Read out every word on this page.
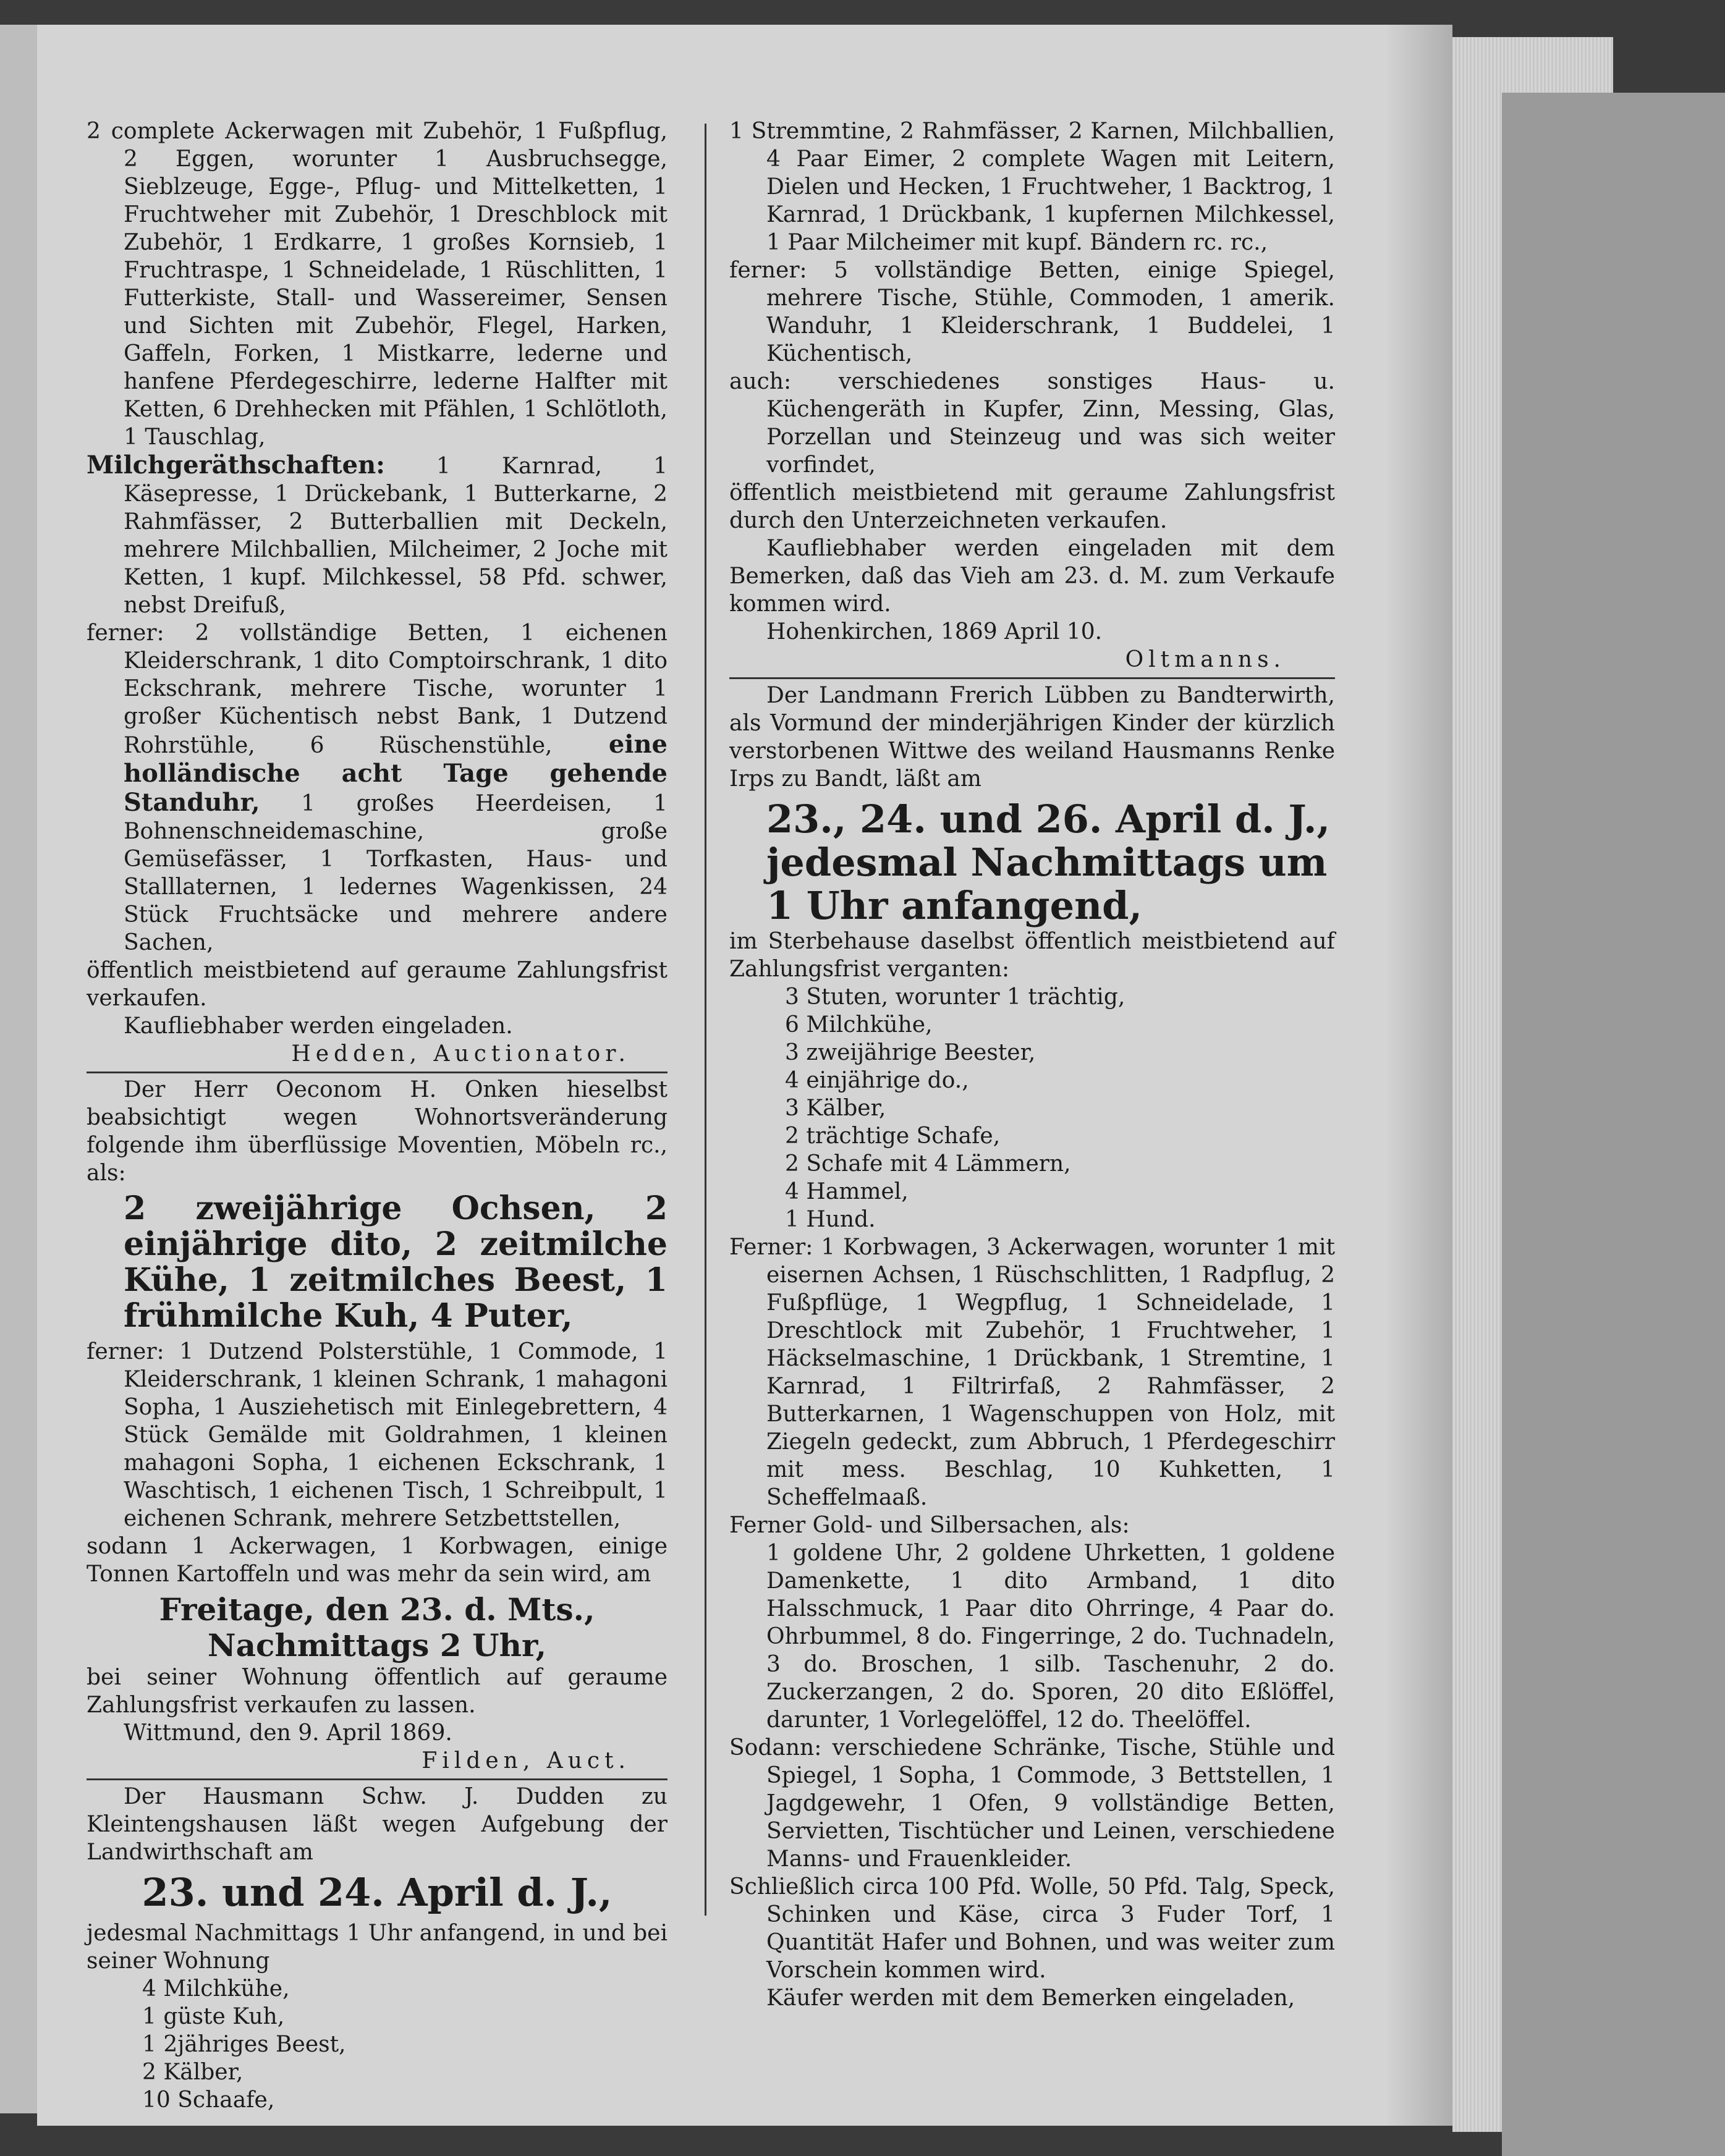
2 complete Ackerwagen mit Zubehör, 1 Fußpflug, 2 Eggen, worunter 1 Ausbruchsegge, Sieblzeuge, Egge-, Pflug- und Mittelketten, 1 Fruchtweher mit Zubehör, 1 Dreschblock mit Zubehör, 1 Erdkarre, 1 großes Kornsieb, 1 Fruchtraspe, 1 Schneidelade, 1 Rüschlitten, 1 Futterkiste, Stall- und Wassereimer, Sensen und Sichten mit Zubehör, Flegel, Harken, Gaffeln, Forken, 1 Mistkarre, lederne und hanfene Pferdegeschirre, lederne Halfter mit Ketten, 6 Drehhecken mit Pfählen, 1 Schlötloth, 1 Tauschlag,

Milchgeräthschaften: 1 Karnrad, 1 Käsepresse, 1 Drückebank, 1 Butterkarne, 2 Rahmfässer, 2 Butterballien mit Deckeln, mehrere Milchballien, Milcheimer, 2 Joche mit Ketten, 1 kupf. Milchkessel, 58 Pfd. schwer, nebst Dreifuß,

ferner: 2 vollständige Betten, 1 eichenen Kleiderschrank, 1 dito Comptoirschrank, 1 dito Eckschrank, mehrere Tische, worunter 1 großer Küchentisch nebst Bank, 1 Dutzend Rohrstühle, 6 Rüschenstühle, eine holländische acht Tage gehende Standuhr, 1 großes Heerdeisen, 1 Bohnenschneidemaschine, große Gemüsefässer, 1 Torfkasten, Haus- und Stalllaternen, 1 ledernes Wagenkissen, 24 Stück Fruchtsäcke und mehrere andere Sachen,

öffentlich meistbietend auf geraume Zahlungsfrist verkaufen.

Kaufliebhaber werden eingeladen.

Hedden, Auctionator.

Der Herr Oeconom H. Onken hieselbst beabsichtigt wegen Wohnortsveränderung folgende ihm überflüssige Moventien, Möbeln rc., als:

2 zweijährige Ochsen, 2 einjährige dito, 2 zeitmilche Kühe, 1 zeitmilches Beest, 1 frühmilche Kuh, 4 Puter,

ferner: 1 Dutzend Polsterstühle, 1 Commode, 1 Kleiderschrank, 1 kleinen Schrank, 1 mahagoni Sopha, 1 Ausziehetisch mit Einlegebrettern, 4 Stück Gemälde mit Goldrahmen, 1 kleinen mahagoni Sopha, 1 eichenen Eckschrank, 1 Waschtisch, 1 eichenen Tisch, 1 Schreibpult, 1 eichenen Schrank, mehrere Setzbettstellen,

sodann 1 Ackerwagen, 1 Korbwagen, einige Tonnen Kartoffeln und was mehr da sein wird, am

Freitage, den 23. d. Mts.,

Nachmittags 2 Uhr,

bei seiner Wohnung öffentlich auf geraume Zahlungsfrist verkaufen zu lassen.

Wittmund, den 9. April 1869.

Filden, Auct.

Der Hausmann Schw. J. Dudden zu Kleintengshausen läßt wegen Aufgebung der Landwirthschaft am

23. und 24. April d. J.,

jedesmal Nachmittags 1 Uhr anfangend, in und bei seiner Wohnung

4 Milchkühe,

1 güste Kuh,

1 2jähriges Beest,

2 Kälber,

10 Schaafe,

1 Stremmtine, 2 Rahmfässer, 2 Karnen, Milchballien, 4 Paar Eimer, 2 complete Wagen mit Leitern, Dielen und Hecken, 1 Fruchtweher, 1 Backtrog, 1 Karnrad, 1 Drückbank, 1 kupfernen Milchkessel, 1 Paar Milcheimer mit kupf. Bändern rc. rc.,

ferner: 5 vollständige Betten, einige Spiegel, mehrere Tische, Stühle, Commoden, 1 amerik. Wanduhr, 1 Kleiderschrank, 1 Buddelei, 1 Küchentisch,

auch: verschiedenes sonstiges Haus- u. Küchengeräth in Kupfer, Zinn, Messing, Glas, Porzellan und Steinzeug und was sich weiter vorfindet,

öffentlich meistbietend mit geraume Zahlungsfrist durch den Unterzeichneten verkaufen.

Kaufliebhaber werden eingeladen mit dem Bemerken, daß das Vieh am 23. d. M. zum Verkaufe kommen wird.

Hohenkirchen, 1869 April 10.

Oltmanns.

Der Landmann Frerich Lübben zu Bandterwirth, als Vormund der minderjährigen Kinder der kürzlich verstorbenen Wittwe des weiland Hausmanns Renke Irps zu Bandt, läßt am

23., 24. und 26. April d. J.,

jedesmal Nachmittags um 1 Uhr anfangend,

im Sterbehause daselbst öffentlich meistbietend auf Zahlungsfrist verganten:

3 Stuten, worunter 1 trächtig,

6 Milchkühe,

3 zweijährige Beester,

4 einjährige do.,

3 Kälber,

2 trächtige Schafe,

2 Schafe mit 4 Lämmern,

4 Hammel,

1 Hund.

Ferner: 1 Korbwagen, 3 Ackerwagen, worunter 1 mit eisernen Achsen, 1 Rüschschlitten, 1 Radpflug, 2 Fußpflüge, 1 Wegpflug, 1 Schneidelade, 1 Dreschtlock mit Zubehör, 1 Fruchtweher, 1 Häckselmaschine, 1 Drückbank, 1 Stremtine, 1 Karnrad, 1 Filtrirfaß, 2 Rahmfässer, 2 Butterkarnen, 1 Wagenschuppen von Holz, mit Ziegeln gedeckt, zum Abbruch, 1 Pferdegeschirr mit mess. Beschlag, 10 Kuhketten, 1 Scheffelmaaß.

Ferner Gold- und Silbersachen, als:

1 goldene Uhr, 2 goldene Uhrketten, 1 goldene Damenkette, 1 dito Armband, 1 dito Halsschmuck, 1 Paar dito Ohrringe, 4 Paar do. Ohrbummel, 8 do. Fingerringe, 2 do. Tuchnadeln, 3 do. Broschen, 1 silb. Taschenuhr, 2 do. Zuckerzangen, 2 do. Sporen, 20 dito Eßlöffel, darunter, 1 Vorlegelöffel, 12 do. Theelöffel.

Sodann: verschiedene Schränke, Tische, Stühle und Spiegel, 1 Sopha, 1 Commode, 3 Bettstellen, 1 Jagdgewehr, 1 Ofen, 9 vollständige Betten, Servietten, Tischtücher und Leinen, verschiedene Manns- und Frauenkleider.

Schließlich circa 100 Pfd. Wolle, 50 Pfd. Talg, Speck, Schinken und Käse, circa 3 Fuder Torf, 1 Quantität Hafer und Bohnen, und was weiter zum Vorschein kommen wird.

Käufer werden mit dem Bemerken eingeladen,
